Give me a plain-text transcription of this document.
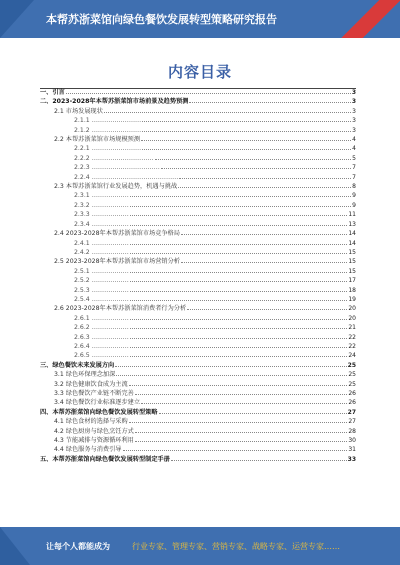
本帮苏浙菜馆向绿色餐饮发展转型策略研究报告
内容目录
一、引言	3
二、2023-2028年本帮苏浙菜馆市场前景及趋势预测	3
2.1 市场发展现状	3
2.1.1 ……………………	3
2.1.2 ……………………	3
2.2 本帮苏浙菜馆市场规模预测	4
2.2.1 ……………………	4
2.2.2 …………………………	5
2.2.3 ……………………………	7
2.2.4 ……………………………………	7
2.3 本帮苏浙菜馆行业发展趋势，机遇与挑战	8
2.3.1 ………………	9
2.3.2 ………………	9
2.3.3 ………………	11
2.3.4 ………………	13
2.4 2023-2028年本帮苏浙菜馆市场竞争格局	14
2.4.1 ………………	14
2.4.2 ………………	15
2.5 2023-2028年本帮苏浙菜馆市场营销分析	15
2.5.1 ………………	15
2.5.2 ………………	17
2.5.3 ………………	18
2.5.4 ………………	19
2.6 2023-2028年本帮苏浙菜馆消费者行为分析	20
2.6.1 ………………	20
2.6.2 ………………	21
2.6.3 ………………	22
2.6.4 ………………	22
2.6.5 ………………	24
三、绿色餐饮未来发展方向	25
3.1 绿色环保理念加深	25
3.2 绿色健康饮食成为主流	25
3.3 绿色餐饮产业链不断完善	26
3.4 绿色餐饮行业标准逐步建立	26
四、本帮苏浙菜馆向绿色餐饮发展转型策略	27
4.1 绿色食材的选择与采购	27
4.2 绿色厨房与绿色烹饪方式	28
4.3 节能减排与资源循环利用	30
4.4 绿色服务与消费引导	31
五、本帮苏浙菜馆向绿色餐饮发展转型制定手册	33
让每个人都能成为	行业专家、管理专家、营销专家、战略专家、运营专家……
